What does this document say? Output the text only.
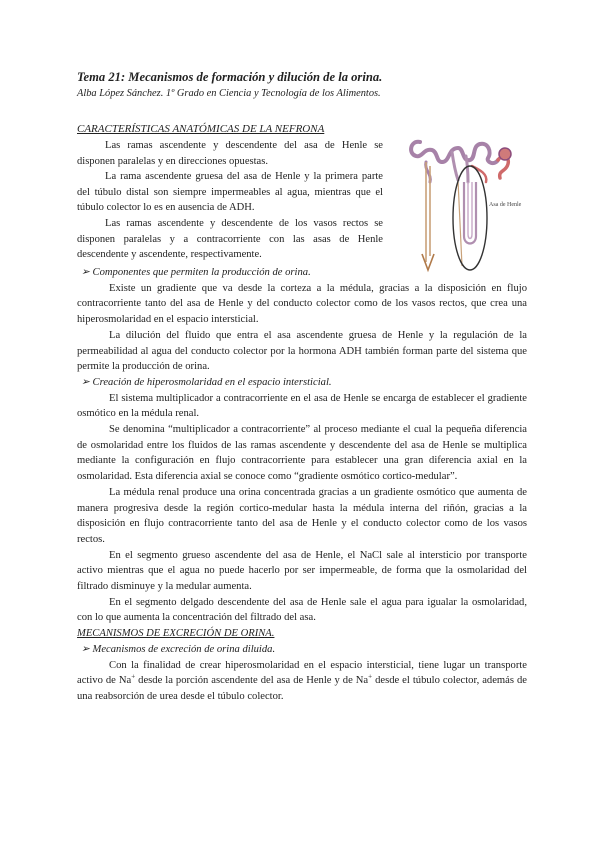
Tema 21: Mecanismos de formación y dilución de la orina.
Alba López Sánchez. 1º Grado en Ciencia y Tecnología de los Alimentos.
CARACTERÍSTICAS ANATÓMICAS DE LA NEFRONA

Las ramas ascendente y descendente del asa de Henle se disponen paralelas y en direcciones opuestas.

La rama ascendente gruesa del asa de Henle y la primera parte del túbulo distal son siempre impermeables al agua, mientras que el túbulo colector lo es en ausencia de ADH.

Las ramas ascendente y descendente de los vasos rectos se disponen paralelas y a contracorriente con las asas de Henle descendente y ascendente, respectivamente.

Asa de Henle

➢ Componentes que permiten la producción de orina.

Existe un gradiente que va desde la corteza a la médula, gracias a la disposición en flujo contracorriente tanto del asa de Henle y del conducto colector como de los vasos rectos, que crea una hiperosmolaridad en el espacio intersticial.

La dilución del fluido que entra el asa ascendente gruesa de Henle y la regulación de la permeabilidad al agua del conducto colector por la hormona ADH también forman parte del sistema que permite la producción de orina.

➢ Creación de hiperosmolaridad en el espacio intersticial.

El sistema multiplicador a contracorriente en el asa de Henle se encarga de establecer el gradiente osmótico en la médula renal.

Se denomina “multiplicador a contracorriente” al proceso mediante el cual la pequeña diferencia de osmolaridad entre los fluidos de las ramas ascendente y descendente del asa de Henle se multiplica mediante la configuración en flujo contracorriente para establecer una gran diferencia axial en la osmolaridad. Esta diferencia axial se conoce como “gradiente osmótico cortico-medular”.

La médula renal produce una orina concentrada gracias a un gradiente osmótico que aumenta de manera progresiva desde la región cortico-medular hasta la médula interna del riñón, gracias a la disposición en flujo contracorriente tanto del asa de Henle y el conducto colector como de los vasos rectos.

En el segmento grueso ascendente del asa de Henle, el NaCl sale al intersticio por transporte activo mientras que el agua no puede hacerlo por ser impermeable, de forma que la osmolaridad del filtrado disminuye y la medular aumenta.

En el segmento delgado descendente del asa de Henle sale el agua para igualar la osmolaridad, con lo que aumenta la concentración del filtrado del asa.

MECANISMOS DE EXCRECIÓN DE ORINA.

➢ Mecanismos de excreción de orina diluida.

Con la finalidad de crear hiperosmolaridad en el espacio intersticial, tiene lugar un transporte activo de Na+ desde la porción ascendente del asa de Henle y de Na+ desde el túbulo colector, además de una reabsorción de urea desde el túbulo colector.
